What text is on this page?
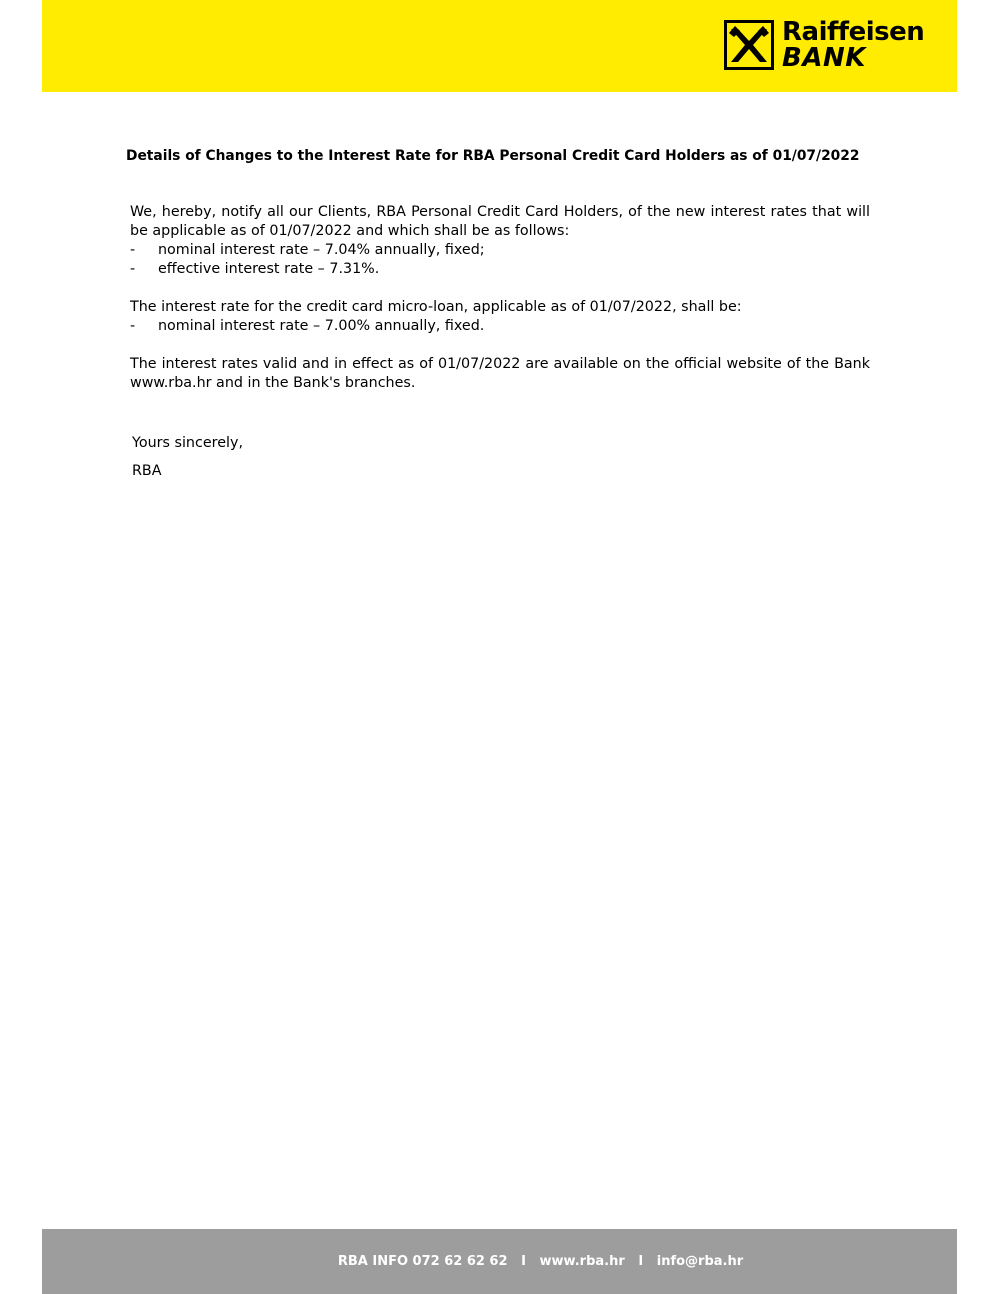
Raiffeisen
BANK
Details of Changes to the Interest Rate for RBA Personal Credit Card Holders as of 01/07/2022

We, hereby, notify all our Clients, RBA Personal Credit Card Holders, of the new interest rates that will be applicable as of 01/07/2022 and which shall be as follows:

-	nominal interest rate – 7.04% annually, fixed;
-	effective interest rate – 7.31%.

The interest rate for the credit card micro-loan, applicable as of 01/07/2022, shall be:

-	nominal interest rate – 7.00% annually, fixed.

The interest rates valid and in effect as of 01/07/2022 are available on the official website of the Bank www.rba.hr and in the Bank's branches.

Yours sincerely,
RBA
RBA INFO 072 62 62 62   I   www.rba.hr   I   info@rba.hr
